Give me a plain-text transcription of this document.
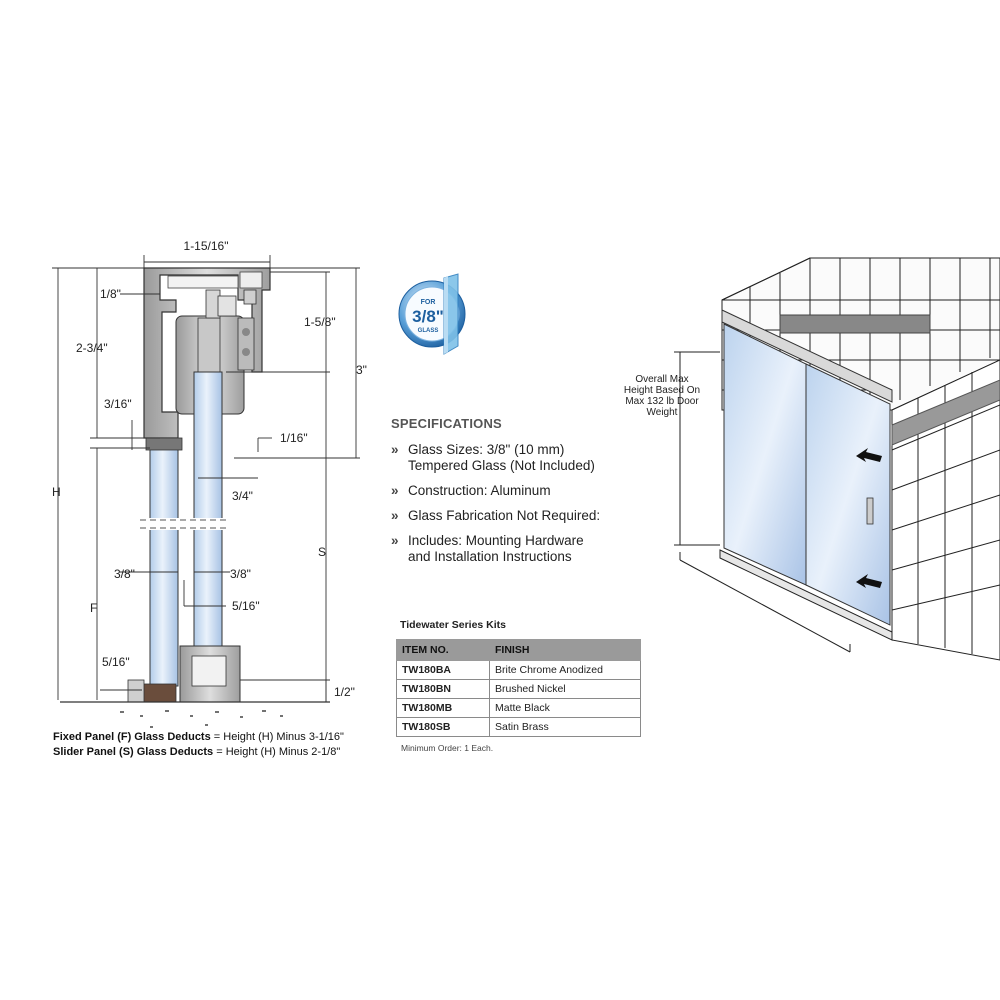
1-15/16"
1/8"
2-3/4"
1-5/8"
3"
3/16"
1/16"
3/4"
H
S
F
3/8"	3/8"
5/16"
5/16"
1/2"
Fixed Panel (F) Glass Deducts = Height (H) Minus 3-1/16"
Slider Panel (S) Glass Deducts = Height (H) Minus 2-1/8"
FOR
3/8"
GLASS
SPECIFICATIONS
» Glass Sizes: 3/8" (10 mm)
Tempered Glass (Not Included)
» Construction: Aluminum
» Glass Fabrication Not Required:
» Includes: Mounting Hardware
and Installation Instructions
Tidewater Series Kits
ITEM NO.	FINISH
TW180BA	Brite Chrome Anodized
TW180BN	Brushed Nickel
TW180MB	Matte Black
TW180SB	Satin Brass
Minimum Order: 1 Each.
Overall Max
Height Based On
Max 132 lb Door
Weight
